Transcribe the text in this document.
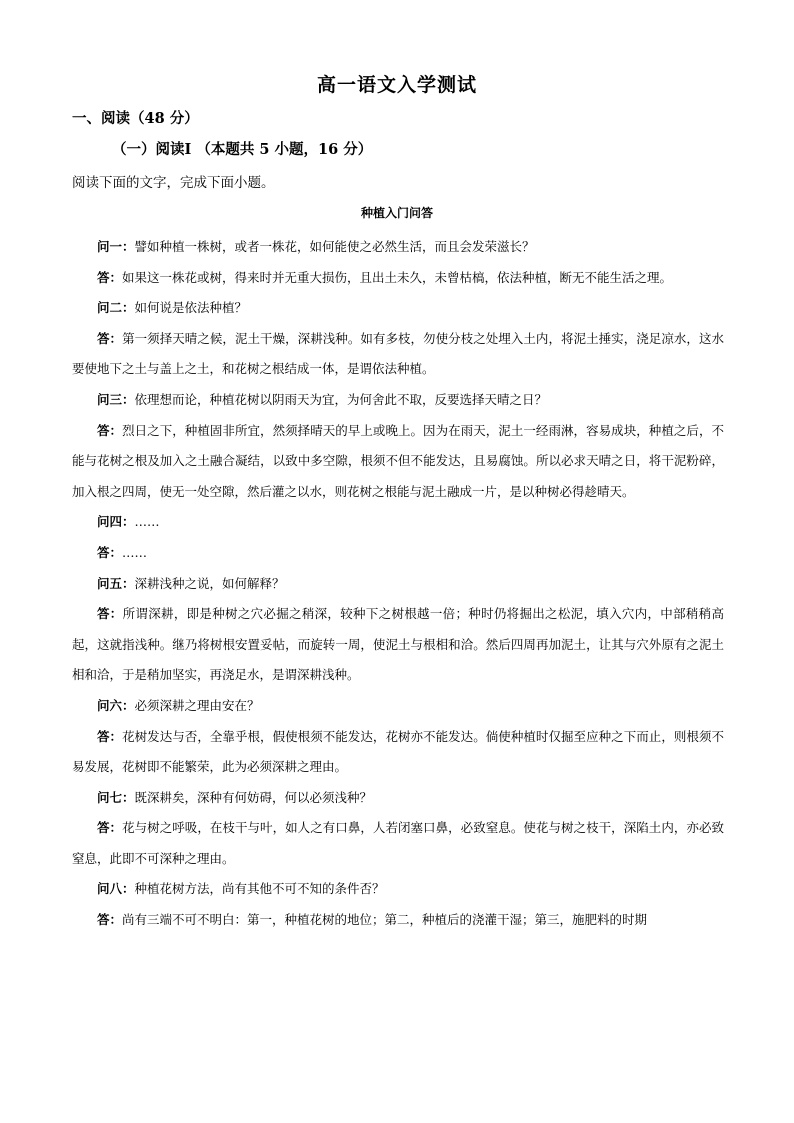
高一语文入学测试
一、阅读（48 分）
（一）阅读Ⅰ （本题共 5 小题，16 分）
阅读下面的文字，完成下面小题。
种植入门问答

问一：譬如种植一株树，或者一株花，如何能使之必然生活，而且会发荣滋长？

答：如果这一株花或树，得来时并无重大损伤，且出土未久，未曾枯槁，依法种植，断无不能生活之理。

问二：如何说是依法种植？

答：第一须择天晴之候，泥土干燥，深耕浅种。如有多枝，勿使分枝之处埋入土内，将泥土捶实，浇足凉水，这水要使地下之土与盖上之土，和花树之根结成一体，是谓依法种植。

问三：依理想而论，种植花树以阴雨天为宜，为何舍此不取，反要选择天晴之日？

答：烈日之下，种植固非所宜，然须择晴天的早上或晚上。因为在雨天，泥土一经雨淋，容易成块，种植之后，不能与花树之根及加入之土融合凝结，以致中多空隙，根须不但不能发达，且易腐蚀。所以必求天晴之日，将干泥粉碎，加入根之四周，使无一处空隙，然后灌之以水，则花树之根能与泥土融成一片，是以种树必得趁晴天。

问四：……

答：……

问五：深耕浅种之说，如何解释？

答：所谓深耕，即是种树之穴必掘之稍深，较种下之树根越一倍；种时仍将掘出之松泥，填入穴内，中部稍稍高起，这就指浅种。继乃将树根安置妥帖，而旋转一周，使泥土与根相和洽。然后四周再加泥土，让其与穴外原有之泥土相和洽，于是稍加坚实，再浇足水，是谓深耕浅种。

问六：必须深耕之理由安在？

答：花树发达与否，全靠乎根，假使根须不能发达，花树亦不能发达。倘使种植时仅掘至应种之下而止，则根须不易发展，花树即不能繁荣，此为必须深耕之理由。

问七：既深耕矣，深种有何妨碍，何以必须浅种？

答：花与树之呼吸，在枝干与叶，如人之有口鼻，人若闭塞口鼻，必致窒息。使花与树之枝干，深陷土内，亦必致窒息，此即不可深种之理由。

问八：种植花树方法，尚有其他不可不知的条件否？

答：尚有三端不可不明白：第一，种植花树的地位；第二，种植后的浇灌干湿；第三，施肥料的时期
